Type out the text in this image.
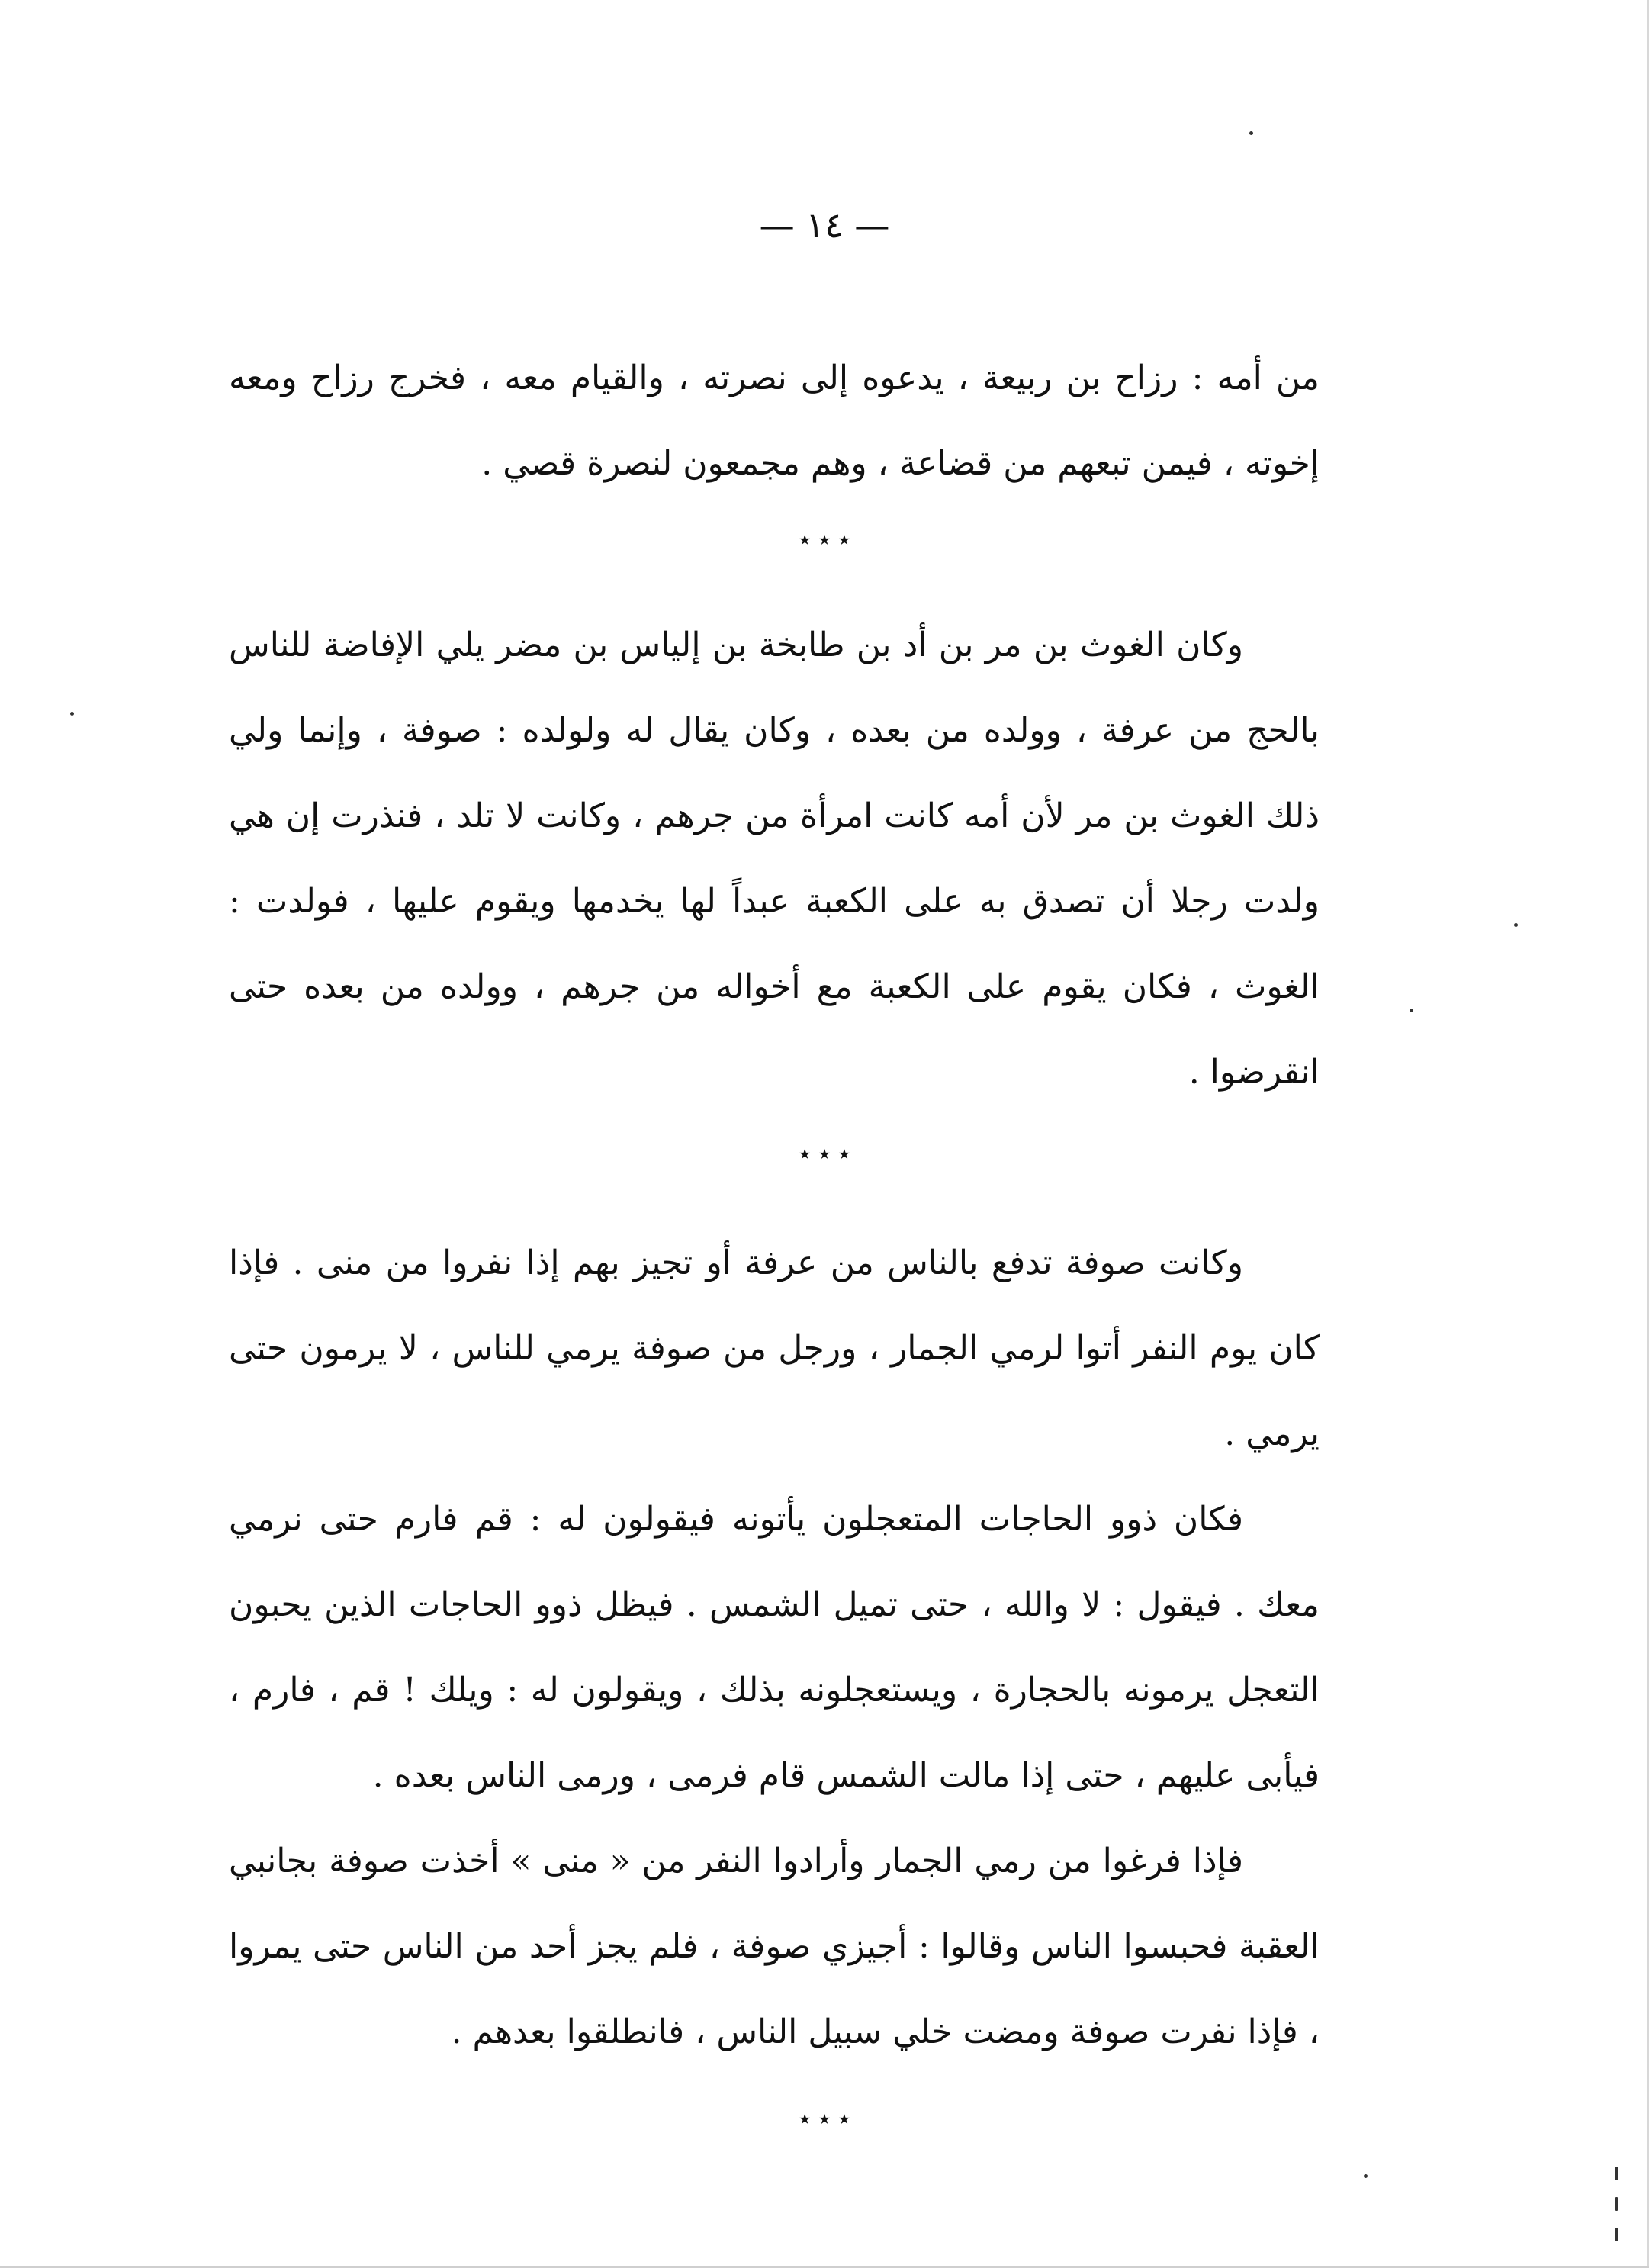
— ١٤ —

من أمه : رزاح بن ربيعة ، يدعوه إلى نصرته ، والقيام معه ، فخرج رزاح ومعه إخوته ، فيمن تبعهم من قضاعة ، وهم مجمعون لنصرة قصي .

٭ ٭ ٭

وكان الغوث بن مر بن أد بن طابخة بن إلياس بن مضر يلي الإفاضة للناس بالحج من عرفة ، وولده من بعده ، وكان يقال له ولولده : صوفة ، وإنما ولي ذلك الغوث بن مر لأن أمه كانت امرأة من جرهم ، وكانت لا تلد ، فنذرت إن هي ولدت رجلا أن تصدق به على الكعبة عبداً لها يخدمها ويقوم عليها ، فولدت : الغوث ، فكان يقوم على الكعبة مع أخواله من جرهم ، وولده من بعده حتى انقرضوا .

٭ ٭ ٭

وكانت صوفة تدفع بالناس من عرفة أو تجيز بهم إذا نفروا من منى . فإذا كان يوم النفر أتوا لرمي الجمار ، ورجل من صوفة يرمي للناس ، لا يرمون حتى يرمي .

فكان ذوو الحاجات المتعجلون يأتونه فيقولون له : قم فارم حتى نرمي معك . فيقول : لا والله ، حتى تميل الشمس . فيظل ذوو الحاجات الذين يحبون التعجل يرمونه بالحجارة ، ويستعجلونه بذلك ، ويقولون له : ويلك ! قم ، فارم ، فيأبى عليهم ، حتى إذا مالت الشمس قام فرمى ، ورمى الناس بعده .

فإذا فرغوا من رمي الجمار وأرادوا النفر من « منى » أخذت صوفة بجانبي العقبة فحبسوا الناس وقالوا : أجيزي صوفة ، فلم يجز أحد من الناس حتى يمروا ، فإذا نفرت صوفة ومضت خلي سبيل الناس ، فانطلقوا بعدهم .

٭ ٭ ٭
